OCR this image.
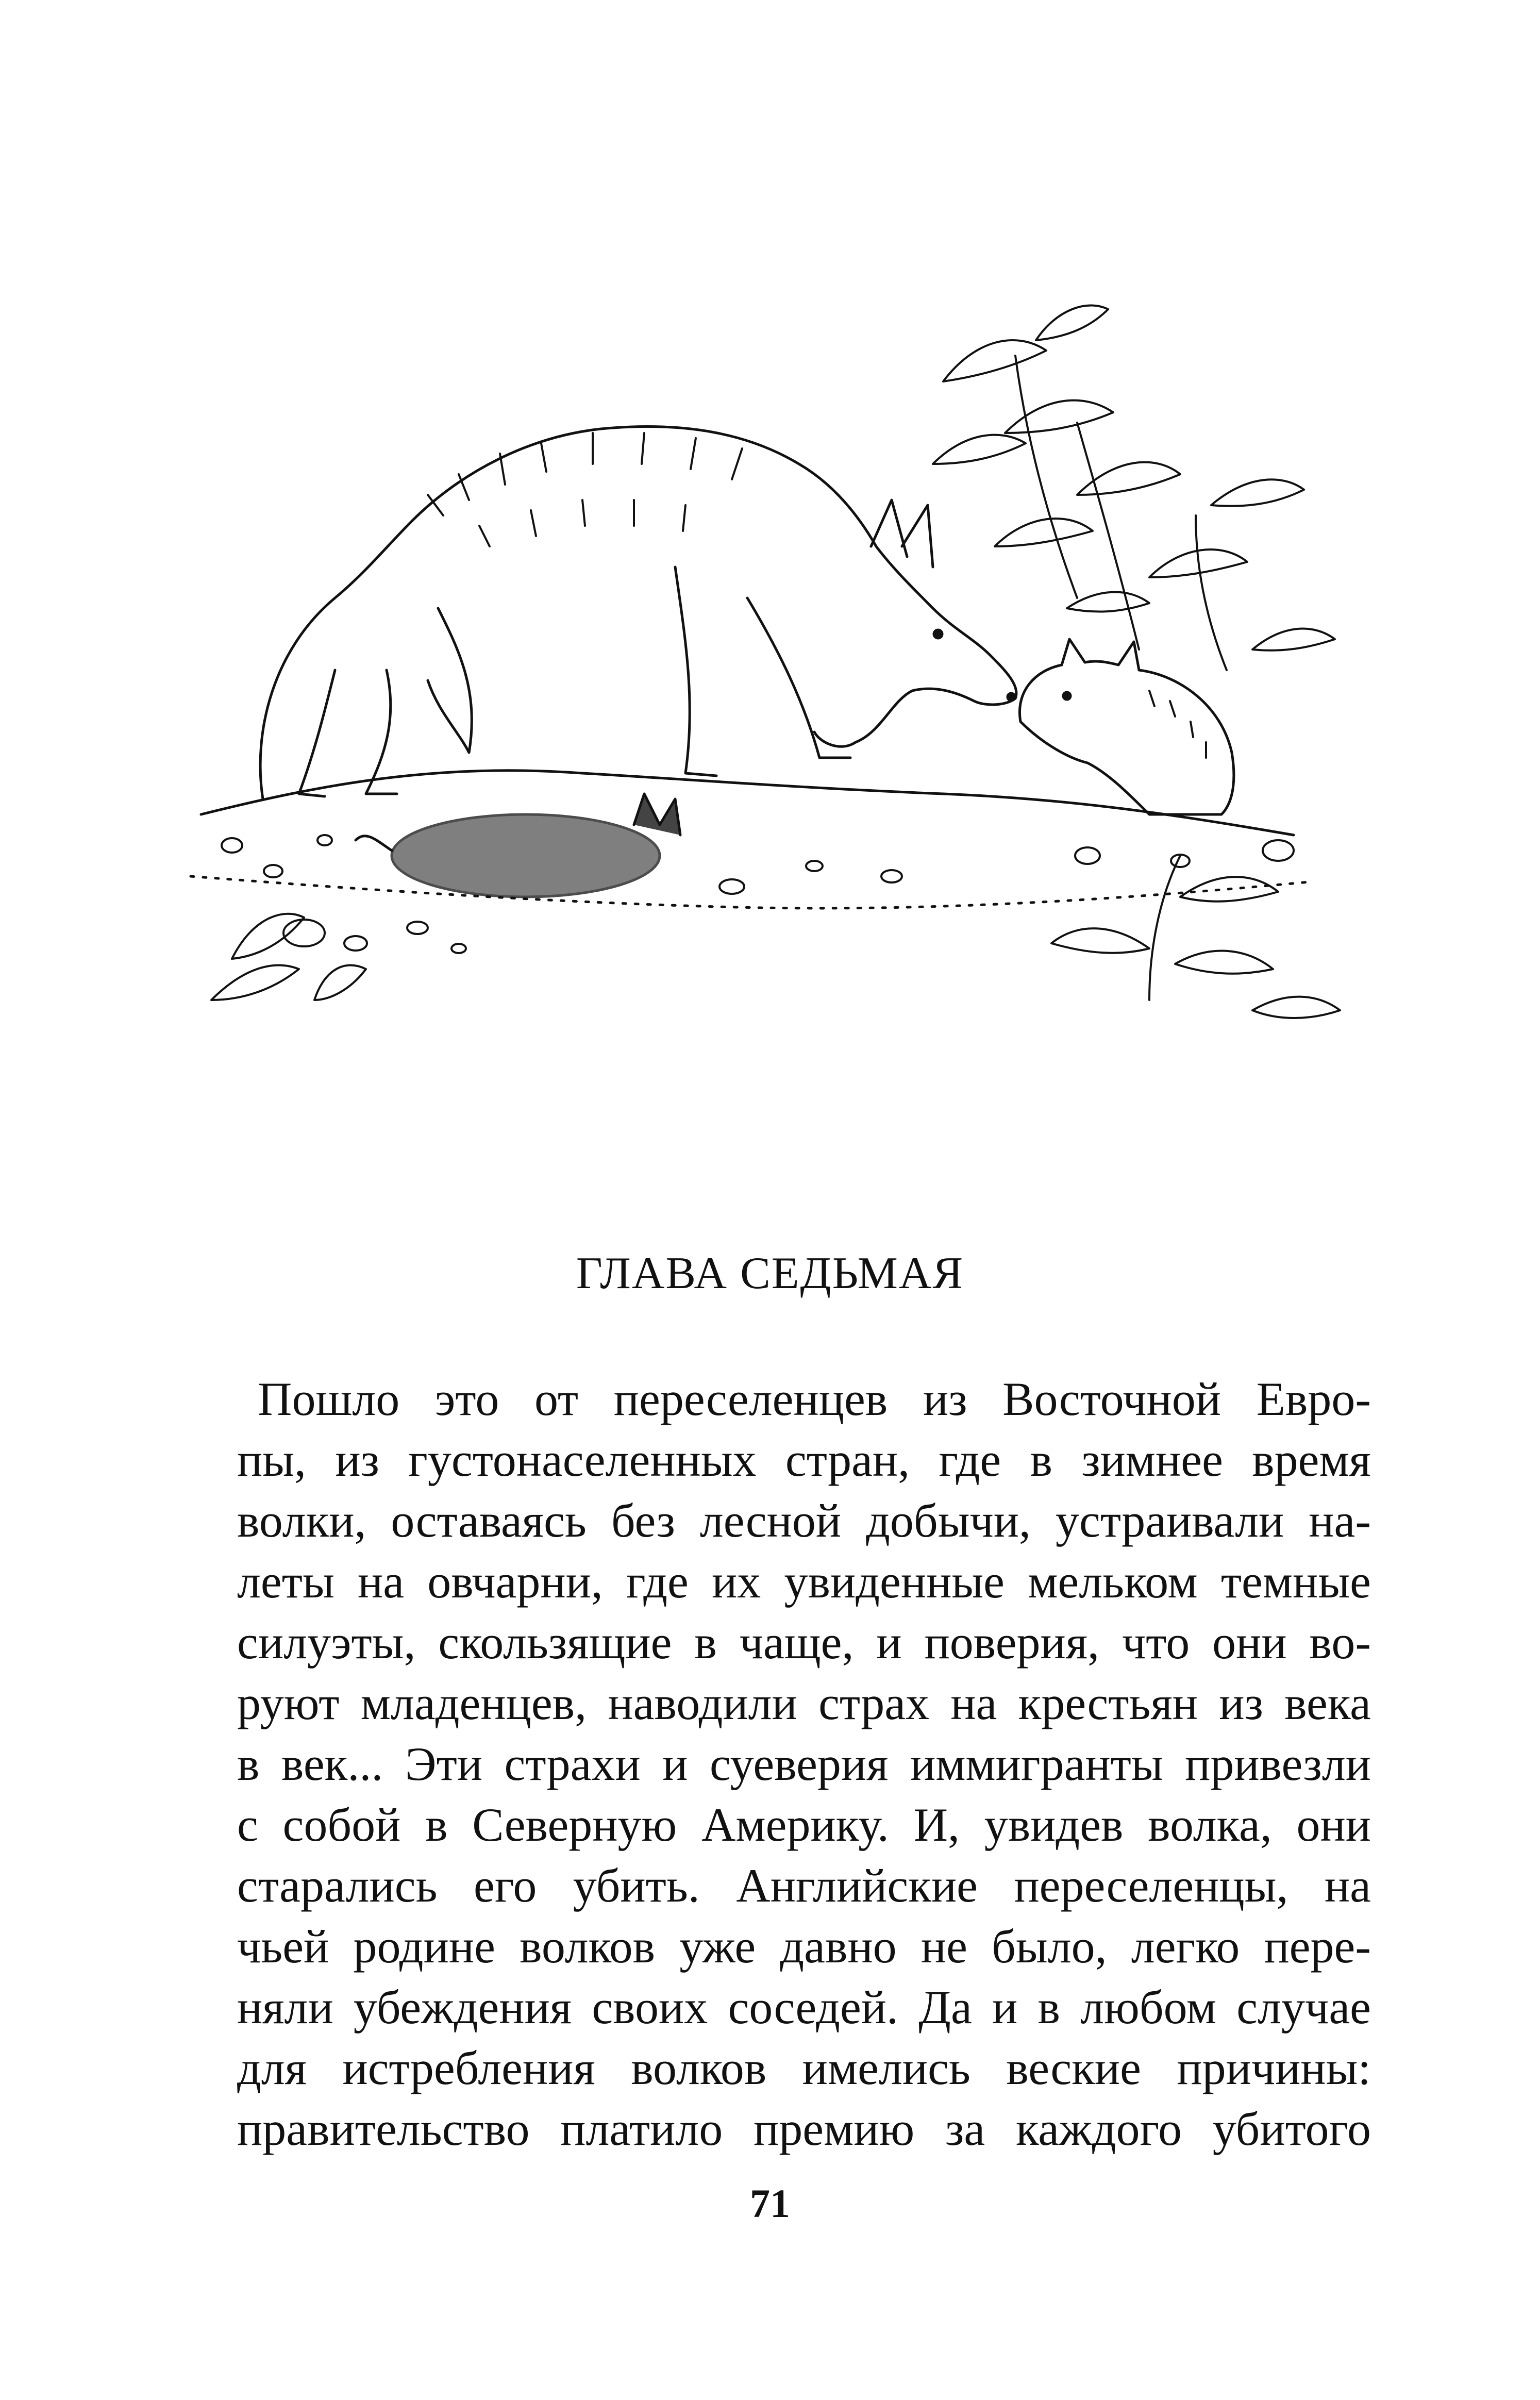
ГЛАВА СЕДЬМАЯ
Пошло это от переселенцев из Восточной Евро-
пы, из густонаселенных стран, где в зимнее время
волки, оставаясь без лесной добычи, устраивали на-
леты на овчарни, где их увиденные мельком темные
силуэты, скользящие в чаще, и поверия, что они во-
руют младенцев, наводили страх на крестьян из века
в век... Эти страхи и суеверия иммигранты привезли
с собой в Северную Америку. И, увидев волка, они
старались его убить. Английские переселенцы, на
чьей родине волков уже давно не было, легко пере-
няли убеждения своих соседей. Да и в любом случае
для истребления волков имелись веские причины:
правительство платило премию за каждого убитого
71
